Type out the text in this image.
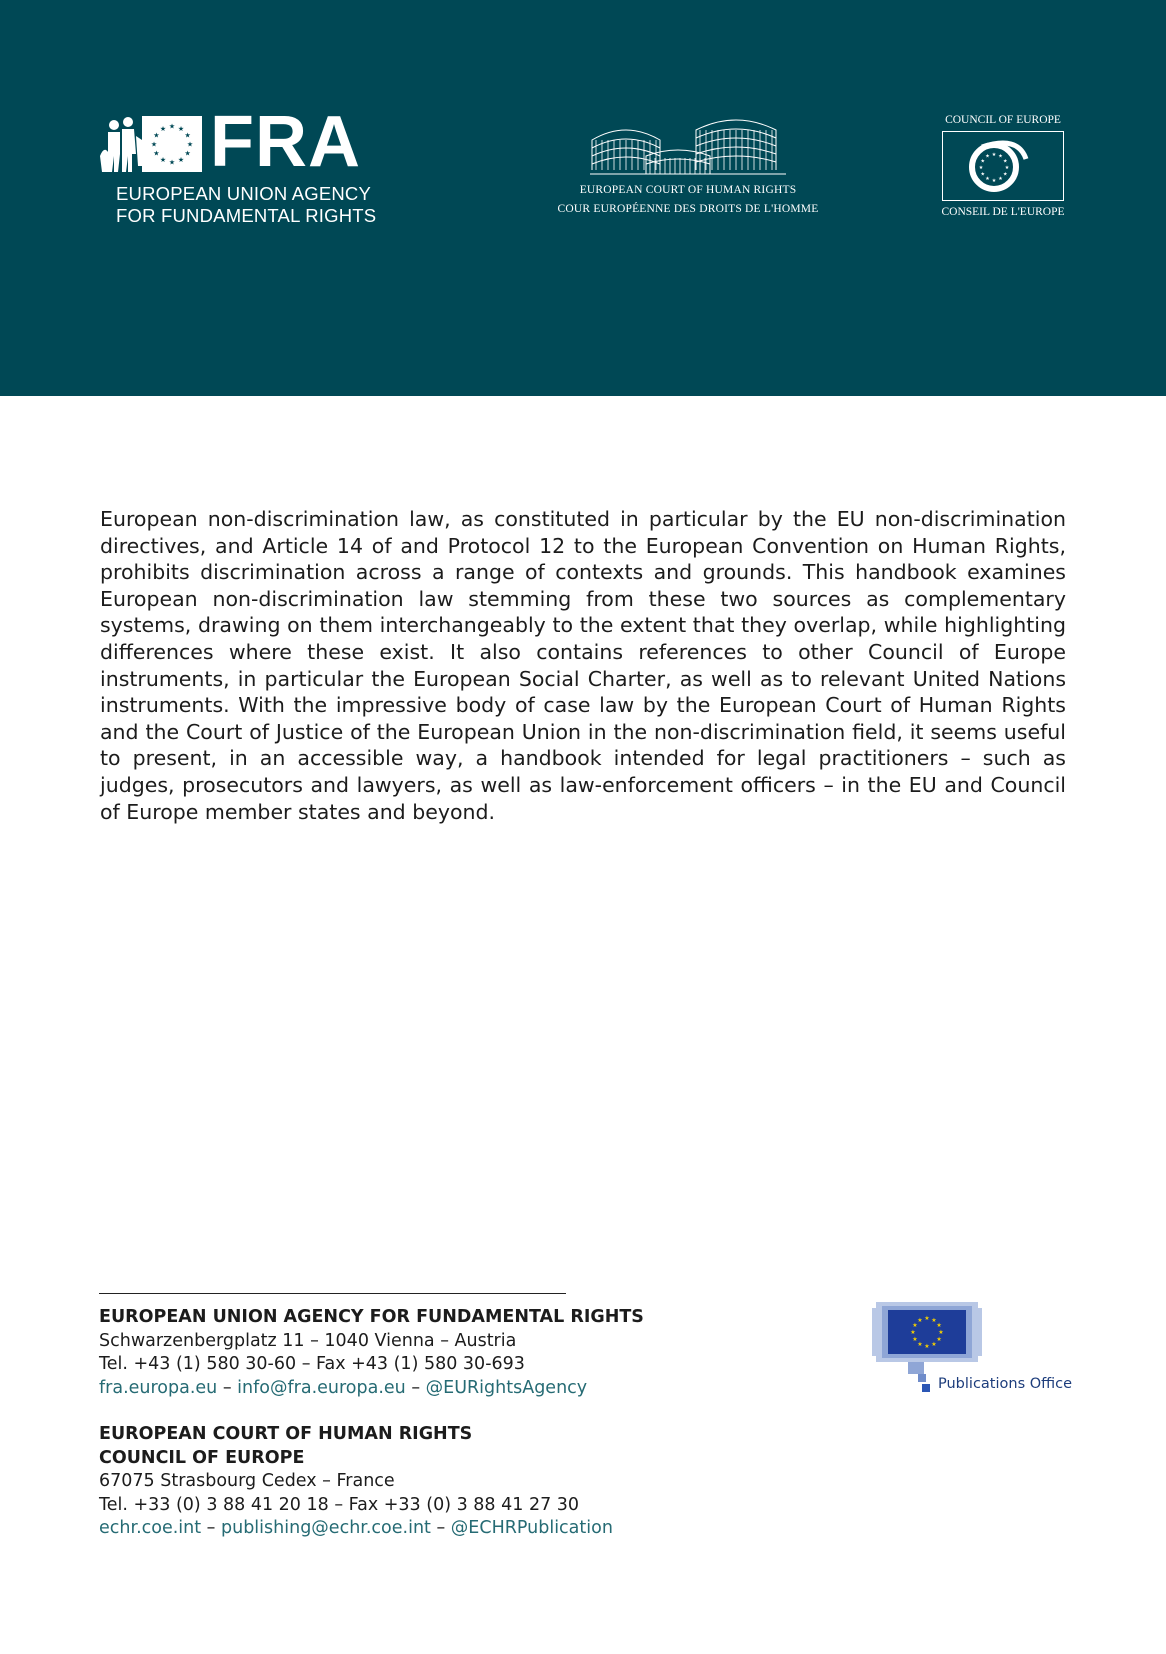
★ ★
★
★
★
★
★
★
★
★
★
★ FRA
EUROPEAN UNION AGENCY
FOR FUNDAMENTAL RIGHTS
EUROPEAN COURT OF HUMAN RIGHTS
COUR EUROPÉENNE DES DROITS DE L'HOMME
COUNCIL OF EUROPE
★ ★
★
★
★
★
★
★
★
★
★
★
CONSEIL DE L'EUROPE

European non-discrimination law, as constituted in particular by the EU non-discrimination directives, and Article 14 of and Protocol 12 to the European Convention on Human Rights, prohibits discrimination across a range of contexts and grounds. This handbook examines European non-discrimination law stemming from these two sources as complementary systems, drawing on them interchangeably to the extent that they overlap, while highlighting differences where these exist. It also contains references to other Council of Europe instruments, in particular the European Social Charter, as well as to relevant United Nations instruments. With the impressive body of case law by the European Court of Human Rights and the Court of Justice of the European Union in the non-discrimination field, it seems useful to present, in an accessible way, a handbook intended for legal practitioners – such as judges, prosecutors and lawyers, as well as law-enforcement officers – in the EU and Council of Europe member states and beyond.

EUROPEAN UNION AGENCY FOR FUNDAMENTAL RIGHTS
Schwarzenbergplatz 11 – 1040 Vienna – Austria
Tel. +43 (1) 580 30-60 – Fax +43 (1) 580 30-693
fra.europa.eu – info@fra.europa.eu – @EURightsAgency
EUROPEAN COURT OF HUMAN RIGHTS
COUNCIL OF EUROPE
67075 Strasbourg Cedex – France
Tel. +33 (0) 3 88 41 20 18 – Fax +33 (0) 3 88 41 27 30
echr.coe.int – publishing@echr.coe.int – @ECHRPublication
★ ★
★
★
★
★
★
★
★
★
★
★
Publications Office
